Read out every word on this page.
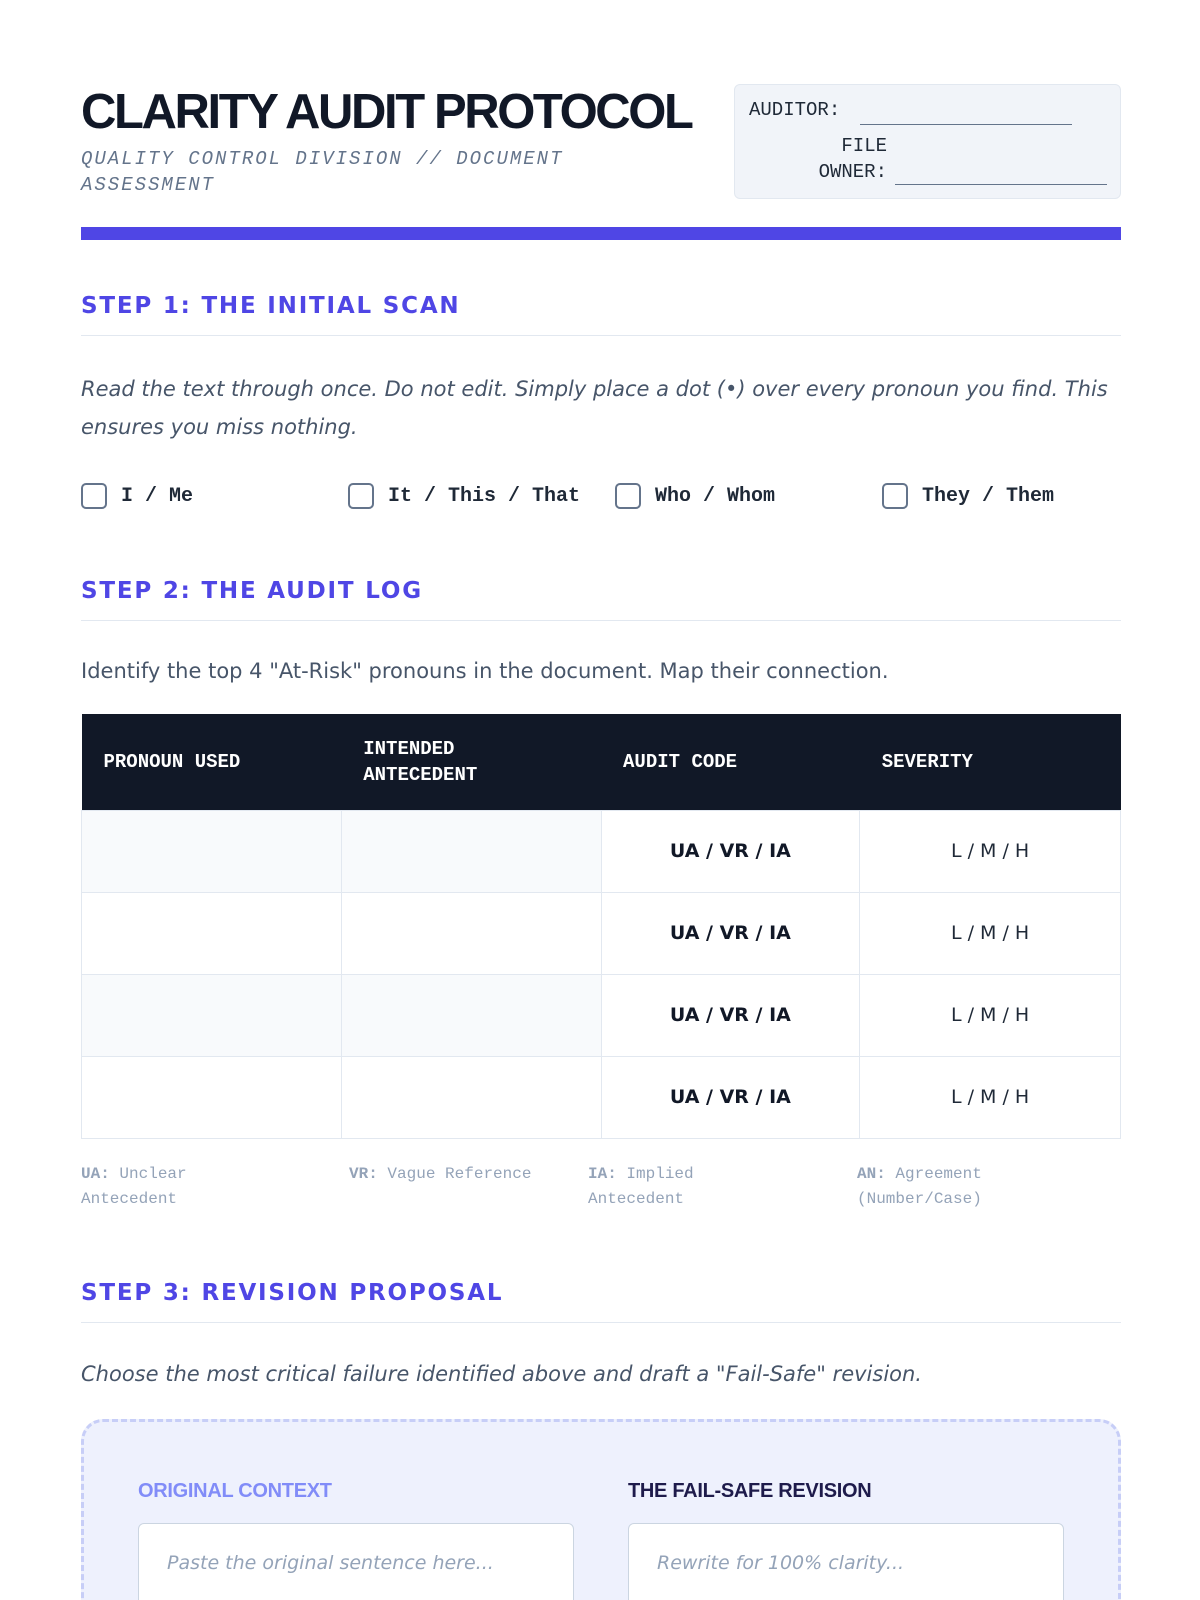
CLARITY AUDIT PROTOCOL
QUALITY CONTROL DIVISION // DOCUMENT ASSESSMENT
AUDITOR:
FILE OWNER:
STEP 1: THE INITIAL SCAN
Read the text through once. Do not edit. Simply place a dot (•) over every pronoun you find. This ensures you miss nothing.
I / Me	It / This / That	Who / Whom	They / Them
STEP 2: THE AUDIT LOG
Identify the top 4 "At-Risk" pronouns in the document. Map their connection.
PRONOUN USED	INTENDED ANTECEDENT	AUDIT CODE	SEVERITY
		UA / VR / IA	L / M / H
		UA / VR / IA	L / M / H
		UA / VR / IA	L / M / H
		UA / VR / IA	L / M / H
UA: Unclear Antecedent
VR: Vague Reference	IA: Implied Antecedent
AN: Agreement (Number/Case)
STEP 3: REVISION PROPOSAL
Choose the most critical failure identified above and draft a "Fail-Safe" revision.
ORIGINAL CONTEXT
Paste the original sentence here...
THE FAIL-SAFE REVISION
Rewrite for 100% clarity...
